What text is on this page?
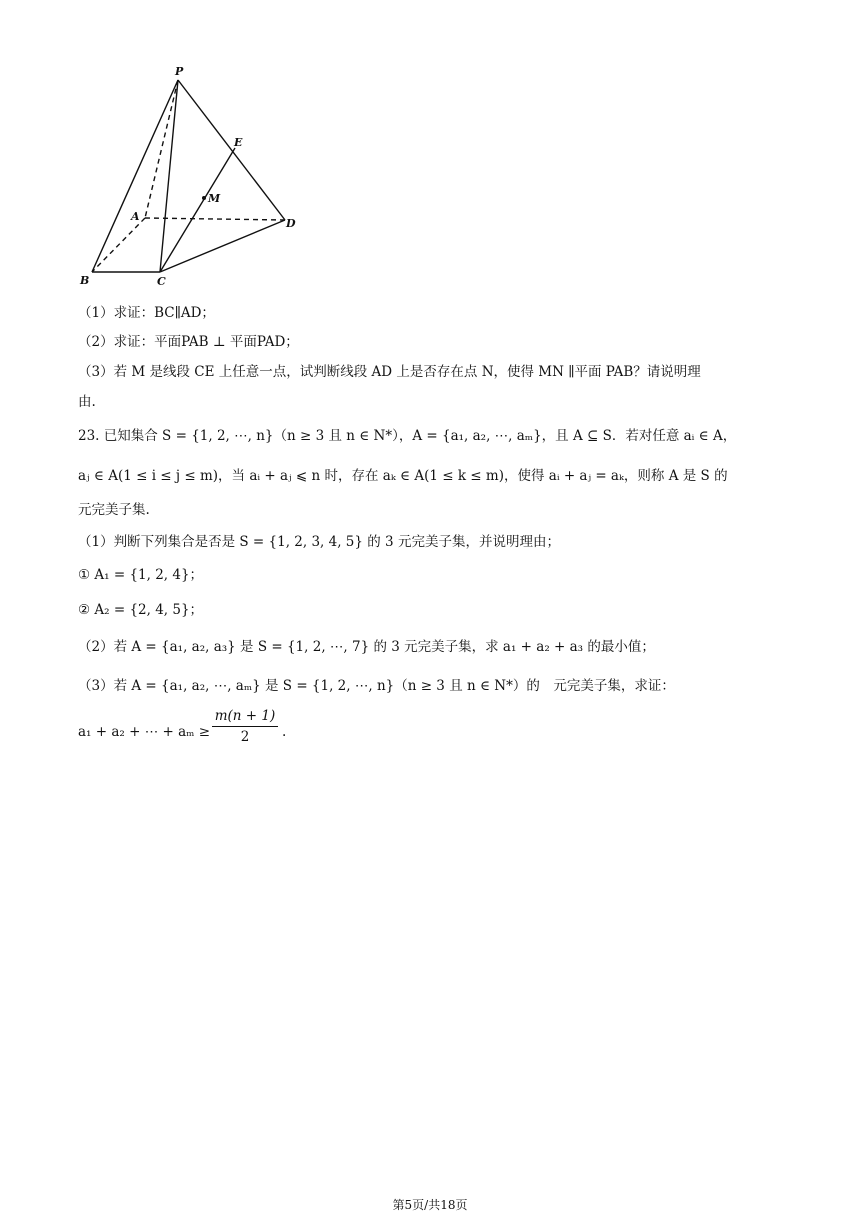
P
E
M
A
D
B	C
（1）求证：BC∥AD；
（2）求证：平面PAB ⊥ 平面PAD；
（3）若 M 是线段 CE 上任意一点，试判断线段 AD 上是否存在点 N，使得 MN ∥平面 PAB？请说明理
由.
23. 已知集合 S = {1, 2, ⋯, n}（n ≥ 3 且 n ∈ N*），A = {a₁, a₂, ⋯, aₘ}，且 A ⊆ S．若对任意 aᵢ ∈ A，
aⱼ ∈ A(1 ≤ i ≤ j ≤ m)，当 aᵢ + aⱼ ⩽ n 时，存在 aₖ ∈ A(1 ≤ k ≤ m)，使得 aᵢ + aⱼ = aₖ，则称 A 是 S 的
元完美子集.
（1）判断下列集合是否是 S = {1, 2, 3, 4, 5} 的 3 元完美子集，并说明理由；
① A₁ = {1, 2, 4}；
② A₂ = {2, 4, 5}；
（2）若 A = {a₁, a₂, a₃} 是 S = {1, 2, ⋯, 7} 的 3 元完美子集，求 a₁ + a₂ + a₃ 的最小值；
（3）若 A = {a₁, a₂, ⋯, aₘ} 是 S = {1, 2, ⋯, n}（n ≥ 3 且 n ∈ N*）的　元完美子集，求证：
a₁ + a₂ + ⋯ + $a_m \ge \frac{m(n + 1)}{2}$ .
第5页/共18页
